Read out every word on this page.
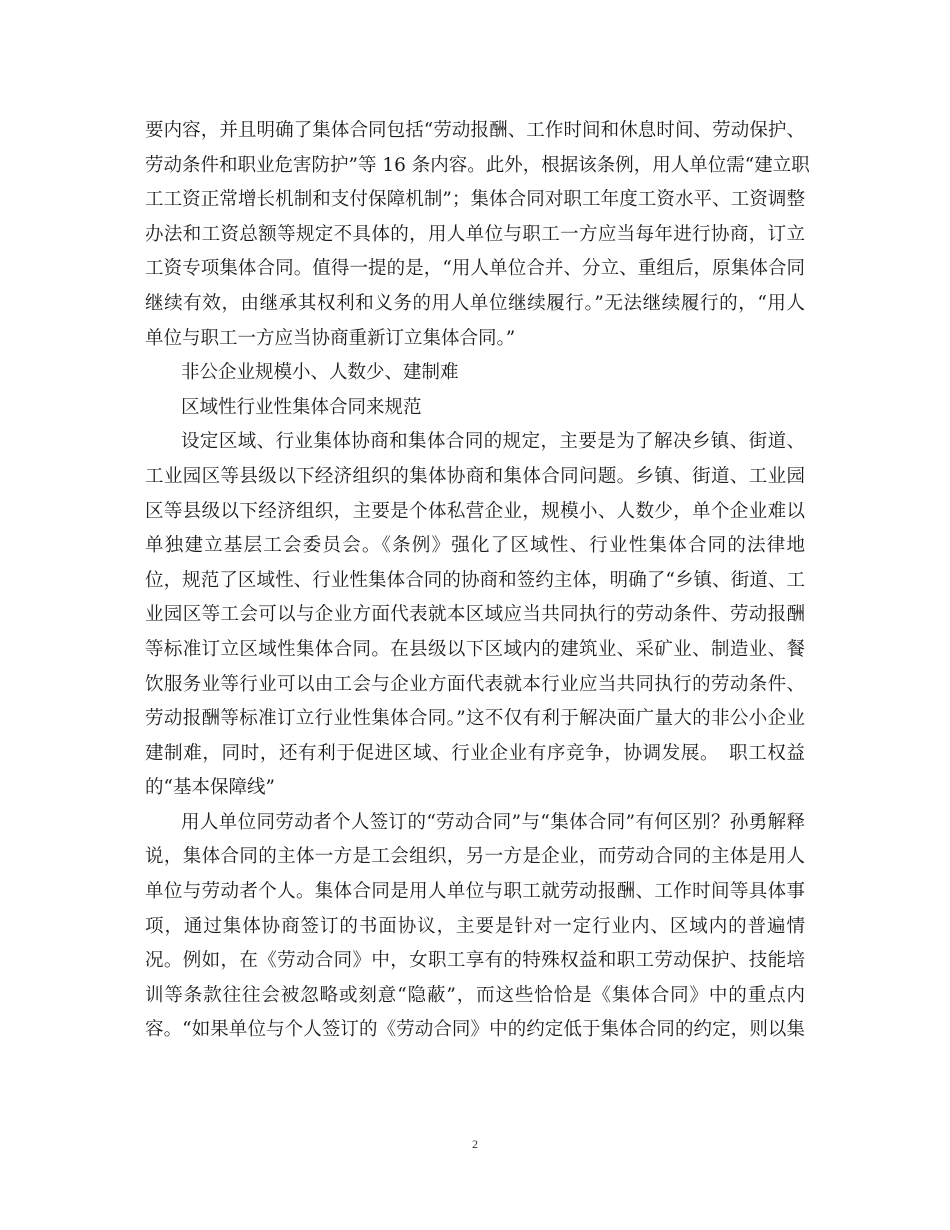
要内容，并且明确了集体合同包括“劳动报酬、工作时间和休息时间、劳动保护、
劳动条件和职业危害防护”等 16 条内容。此外，根据该条例，用人单位需“建立职
工工资正常增长机制和支付保障机制”；集体合同对职工年度工资水平、工资调整
办法和工资总额等规定不具体的，用人单位与职工一方应当每年进行协商，订立
工资专项集体合同。值得一提的是，“用人单位合并、分立、重组后，原集体合同
继续有效，由继承其权利和义务的用人单位继续履行。”无法继续履行的，“用人
单位与职工一方应当协商重新订立集体合同。”
非公企业规模小、人数少、建制难
区域性行业性集体合同来规范
设定区域、行业集体协商和集体合同的规定，主要是为了解决乡镇、街道、
工业园区等县级以下经济组织的集体协商和集体合同问题。乡镇、街道、工业园
区等县级以下经济组织，主要是个体私营企业，规模小、人数少，单个企业难以
单独建立基层工会委员会。《条例》强化了区域性、行业性集体合同的法律地
位，规范了区域性、行业性集体合同的协商和签约主体，明确了“乡镇、街道、工
业园区等工会可以与企业方面代表就本区域应当共同执行的劳动条件、劳动报酬
等标准订立区域性集体合同。在县级以下区域内的建筑业、采矿业、制造业、餐
饮服务业等行业可以由工会与企业方面代表就本行业应当共同执行的劳动条件、
劳动报酬等标准订立行业性集体合同。”这不仅有利于解决面广量大的非公小企业
建制难，同时，还有利于促进区域、行业企业有序竞争，协调发展。　职工权益
的“基本保障线”
用人单位同劳动者个人签订的“劳动合同”与“集体合同”有何区别？孙勇解释
说，集体合同的主体一方是工会组织，另一方是企业，而劳动合同的主体是用人
单位与劳动者个人。集体合同是用人单位与职工就劳动报酬、工作时间等具体事
项，通过集体协商签订的书面协议，主要是针对一定行业内、区域内的普遍情
况。例如，在《劳动合同》中，女职工享有的特殊权益和职工劳动保护、技能培
训等条款往往会被忽略或刻意“隐蔽”，而这些恰恰是《集体合同》中的重点内
容。“如果单位与个人签订的《劳动合同》中的约定低于集体合同的约定，则以集
2
